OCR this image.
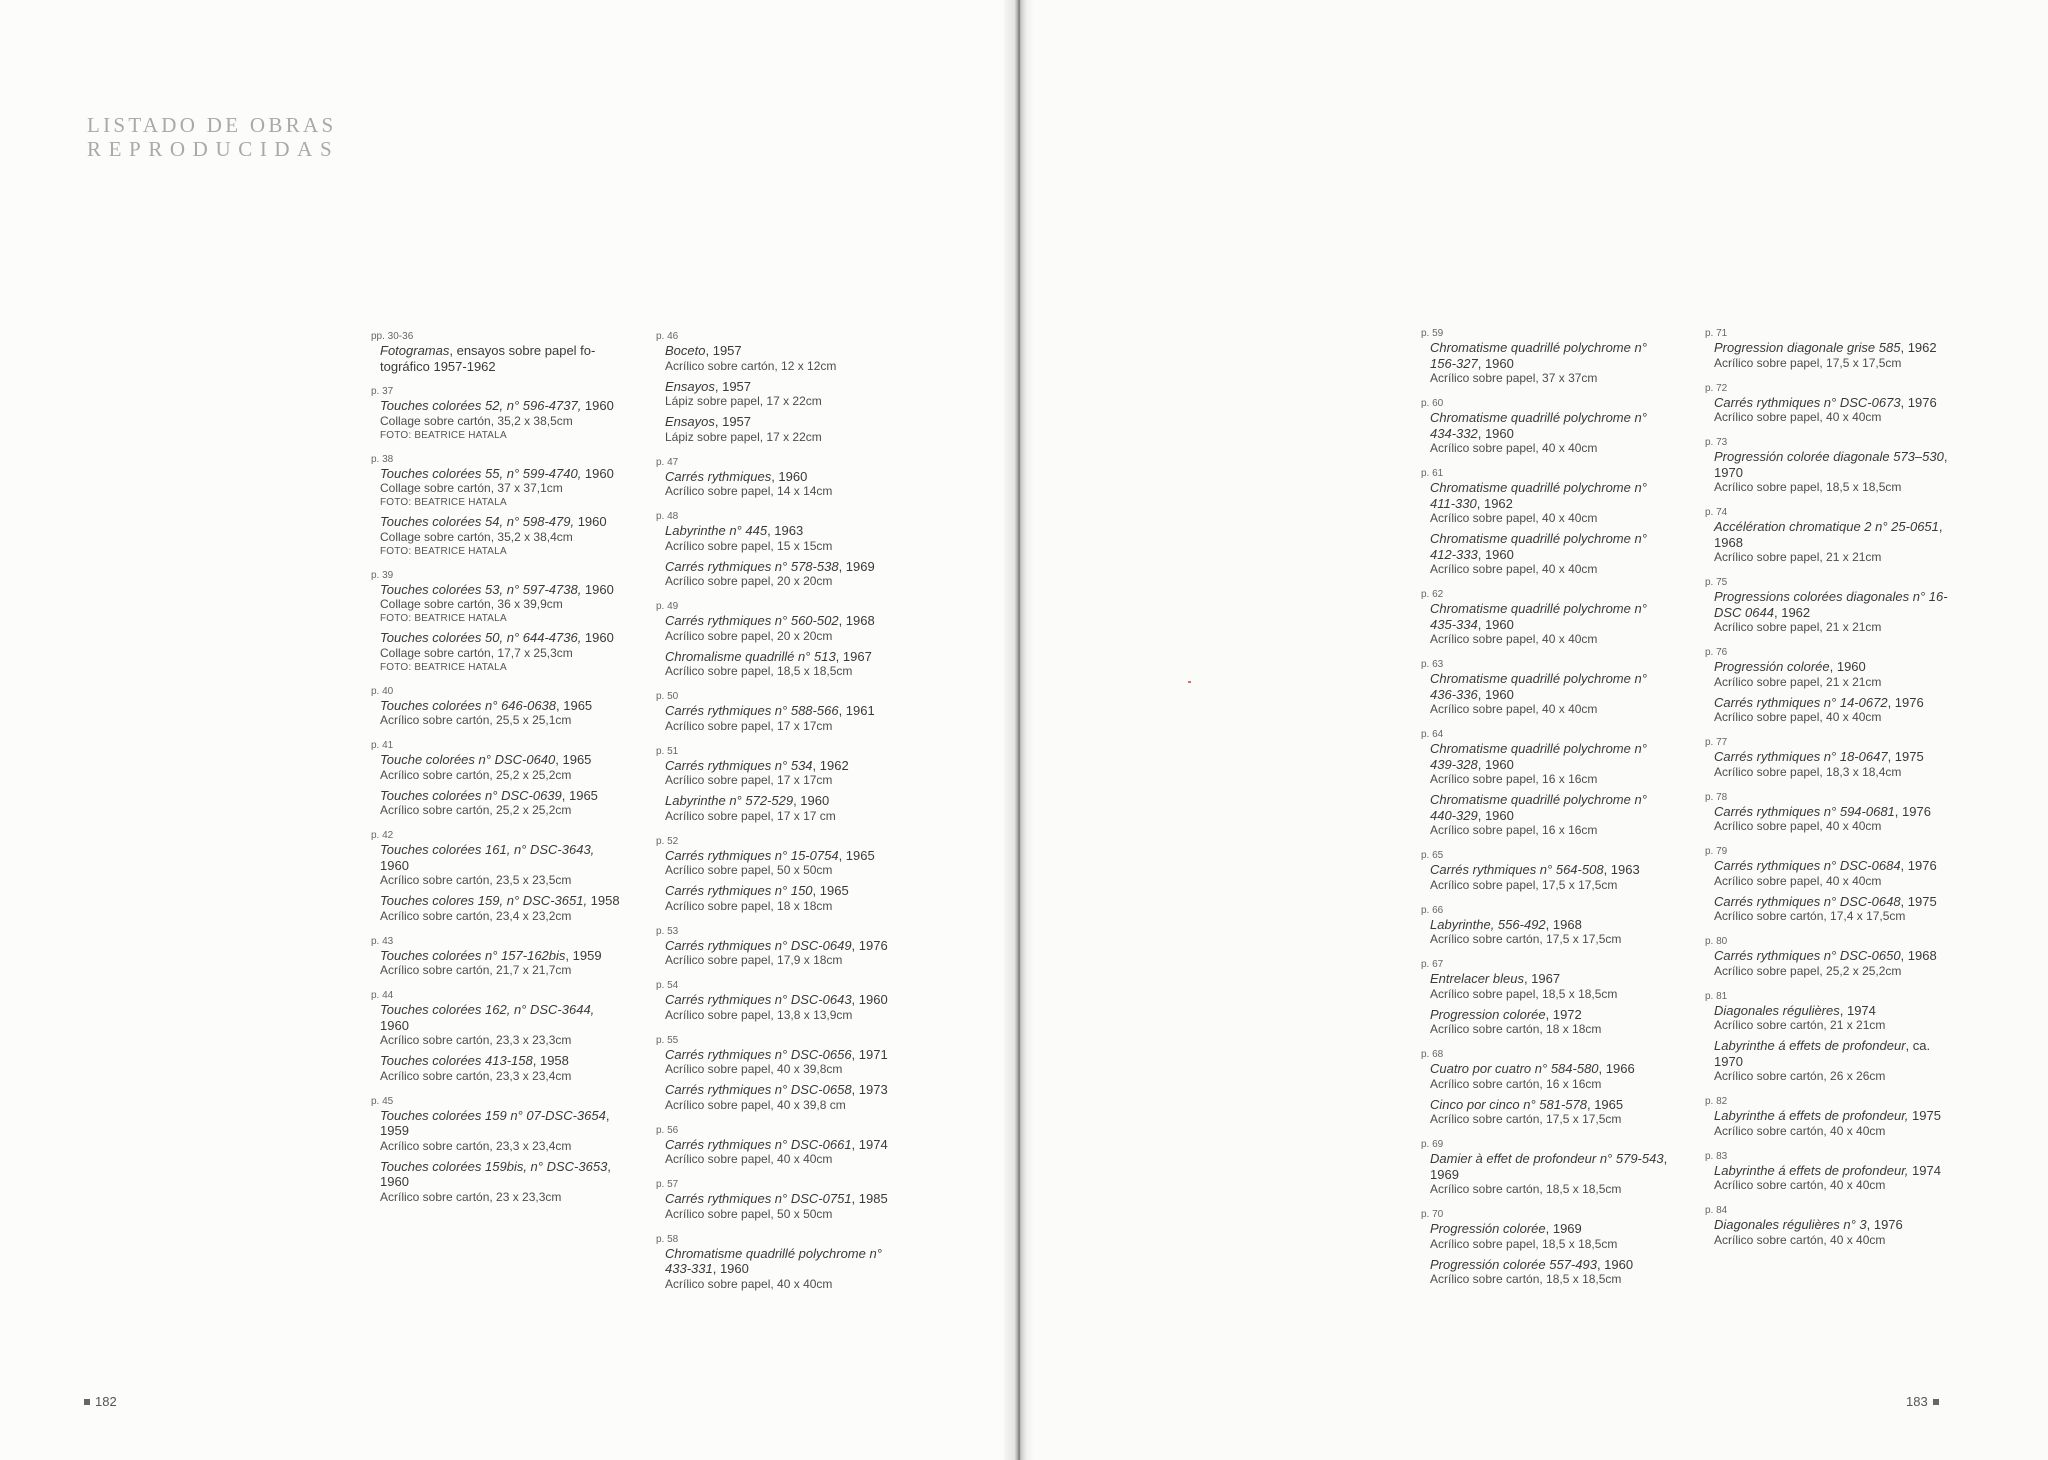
LISTADO DE OBRAS
REPRODUCIDAS
pp. 30-36
Fotogramas, ensayos sobre papel fo-tográfico 1957-1962
p. 37
Touches colorées 52, n° 596-4737, 1960
Collage sobre cartón, 35,2 x 38,5cm
FOTO: BEATRICE HATALA
p. 38
Touches colorées 55, n° 599-4740, 1960
Collage sobre cartón, 37 x 37,1cm
FOTO: BEATRICE HATALA
Touches colorées 54, n° 598-479, 1960
Collage sobre cartón, 35,2 x 38,4cm
FOTO: BEATRICE HATALA
p. 39
Touches colorées 53, n° 597-4738, 1960
Collage sobre cartón, 36 x 39,9cm
FOTO: BEATRICE HATALA
Touches colorées 50, n° 644-4736, 1960
Collage sobre cartón, 17,7 x 25,3cm
FOTO: BEATRICE HATALA
p. 40
Touches colorées n° 646-0638, 1965
Acrílico sobre cartón, 25,5 x 25,1cm
p. 41
Touche colorées n° DSC-0640, 1965
Acrílico sobre cartón, 25,2 x 25,2cm
Touches colorées n° DSC-0639, 1965
Acrílico sobre cartón, 25,2 x 25,2cm
p. 42
Touches colorées 161, n° DSC-3643, 1960
Acrílico sobre cartón, 23,5 x 23,5cm
Touches colores 159, n° DSC-3651, 1958
Acrílico sobre cartón, 23,4 x 23,2cm
p. 43
Touches colorées n° 157-162bis, 1959
Acrílico sobre cartón, 21,7 x 21,7cm
p. 44
Touches colorées 162, n° DSC-3644, 1960
Acrílico sobre cartón, 23,3 x 23,3cm
Touches colorées 413-158, 1958
Acrílico sobre cartón, 23,3 x 23,4cm
p. 45
Touches colorées 159 n° 07-DSC-3654, 1959
Acrílico sobre cartón, 23,3 x 23,4cm
Touches colorées 159bis, n° DSC-3653, 1960
Acrílico sobre cartón, 23 x 23,3cm
p. 46
Boceto, 1957
Acrílico sobre cartón, 12 x 12cm
Ensayos, 1957
Lápiz sobre papel, 17 x 22cm
Ensayos, 1957
Lápiz sobre papel, 17 x 22cm
p. 47
Carrés rythmiques, 1960
Acrílico sobre papel, 14 x 14cm
p. 48
Labyrinthe n° 445, 1963
Acrílico sobre papel, 15 x 15cm
Carrés rythmiques n° 578-538, 1969
Acrílico sobre papel, 20 x 20cm
p. 49
Carrés rythmiques n° 560-502, 1968
Acrílico sobre papel, 20 x 20cm
Chromalisme quadrillé n° 513, 1967
Acrílico sobre papel, 18,5 x 18,5cm
p. 50
Carrés rythmiques n° 588-566, 1961
Acrílico sobre papel, 17 x 17cm
p. 51
Carrés rythmiques n° 534, 1962
Acrílico sobre papel, 17 x 17cm
Labyrinthe n° 572-529, 1960
Acrílico sobre papel, 17 x 17 cm
p. 52
Carrés rythmiques n° 15-0754, 1965
Acrílico sobre papel, 50 x 50cm
Carrés rythmiques n° 150, 1965
Acrílico sobre papel, 18 x 18cm
p. 53
Carrés rythmiques n° DSC-0649, 1976
Acrílico sobre papel, 17,9 x 18cm
p. 54
Carrés rythmiques n° DSC-0643, 1960
Acrílico sobre papel, 13,8 x 13,9cm
p. 55
Carrés rythmiques n° DSC-0656, 1971
Acrílico sobre papel, 40 x 39,8cm
Carrés rythmiques n° DSC-0658, 1973
Acrílico sobre papel, 40 x 39,8 cm
p. 56
Carrés rythmiques n° DSC-0661, 1974
Acrílico sobre papel, 40 x 40cm
p. 57
Carrés rythmiques n° DSC-0751, 1985
Acrílico sobre papel, 50 x 50cm
p. 58
Chromatisme quadrillé polychrome n° 433-331, 1960
Acrílico sobre papel, 40 x 40cm
p. 59
Chromatisme quadrillé polychrome n° 156-327, 1960
Acrílico sobre papel, 37 x 37cm
p. 60
Chromatisme quadrillé polychrome n° 434-332, 1960
Acrílico sobre papel, 40 x 40cm
p. 61
Chromatisme quadrillé polychrome n° 411-330, 1962
Acrílico sobre papel, 40 x 40cm
Chromatisme quadrillé polychrome n° 412-333, 1960
Acrílico sobre papel, 40 x 40cm
p. 62
Chromatisme quadrillé polychrome n° 435-334, 1960
Acrílico sobre papel, 40 x 40cm
p. 63
Chromatisme quadrillé polychrome n° 436-336, 1960
Acrílico sobre papel, 40 x 40cm
p. 64
Chromatisme quadrillé polychrome n° 439-328, 1960
Acrílico sobre papel, 16 x 16cm
Chromatisme quadrillé polychrome n° 440-329, 1960
Acrílico sobre papel, 16 x 16cm
p. 65
Carrés rythmiques n° 564-508, 1963
Acrílico sobre papel, 17,5 x 17,5cm
p. 66
Labyrinthe, 556-492, 1968
Acrílico sobre cartón, 17,5 x 17,5cm
p. 67
Entrelacer bleus, 1967
Acrílico sobre papel, 18,5 x 18,5cm
Progression colorée, 1972
Acrílico sobre cartón, 18 x 18cm
p. 68
Cuatro por cuatro n° 584-580, 1966
Acrílico sobre cartón, 16 x 16cm
Cinco por cinco n° 581-578, 1965
Acrílico sobre cartón, 17,5 x 17,5cm
p. 69
Damier à effet de profondeur n° 579-543, 1969
Acrílico sobre cartón, 18,5 x 18,5cm
p. 70
Progressión colorée, 1969
Acrílico sobre papel, 18,5 x 18,5cm
Progressión colorée 557-493, 1960
Acrílico sobre cartón, 18,5 x 18,5cm
p. 71
Progression diagonale grise 585, 1962
Acrílico sobre papel, 17,5 x 17,5cm
p. 72
Carrés rythmiques n° DSC-0673, 1976
Acrílico sobre papel, 40 x 40cm
p. 73
Progressión colorée diagonale 573–530, 1970
Acrílico sobre papel, 18,5 x 18,5cm
p. 74
Accélération chromatique 2 n° 25-0651, 1968
Acrílico sobre papel, 21 x 21cm
p. 75
Progressions colorées diagonales n° 16-DSC 0644, 1962
Acrílico sobre papel, 21 x 21cm
p. 76
Progressión colorée, 1960
Acrílico sobre papel, 21 x 21cm
Carrés rythmiques n° 14-0672, 1976
Acrílico sobre papel, 40 x 40cm
p. 77
Carrés rythmiques n° 18-0647, 1975
Acrílico sobre papel, 18,3 x 18,4cm
p. 78
Carrés rythmiques n° 594-0681, 1976
Acrílico sobre papel, 40 x 40cm
p. 79
Carrés rythmiques n° DSC-0684, 1976
Acrílico sobre papel, 40 x 40cm
Carrés rythmiques n° DSC-0648, 1975
Acrílico sobre cartón, 17,4 x 17,5cm
p. 80
Carrés rythmiques n° DSC-0650, 1968
Acrílico sobre papel, 25,2 x 25,2cm
p. 81
Diagonales régulières, 1974
Acrílico sobre cartón, 21 x 21cm
Labyrinthe á effets de profondeur, ca. 1970
Acrílico sobre cartón, 26 x 26cm
p. 82
Labyrinthe á effets de profondeur, 1975
Acrílico sobre cartón, 40 x 40cm
p. 83
Labyrinthe á effets de profondeur, 1974
Acrílico sobre cartón, 40 x 40cm
p. 84
Diagonales régulières n° 3, 1976
Acrílico sobre cartón, 40 x 40cm
182	183
